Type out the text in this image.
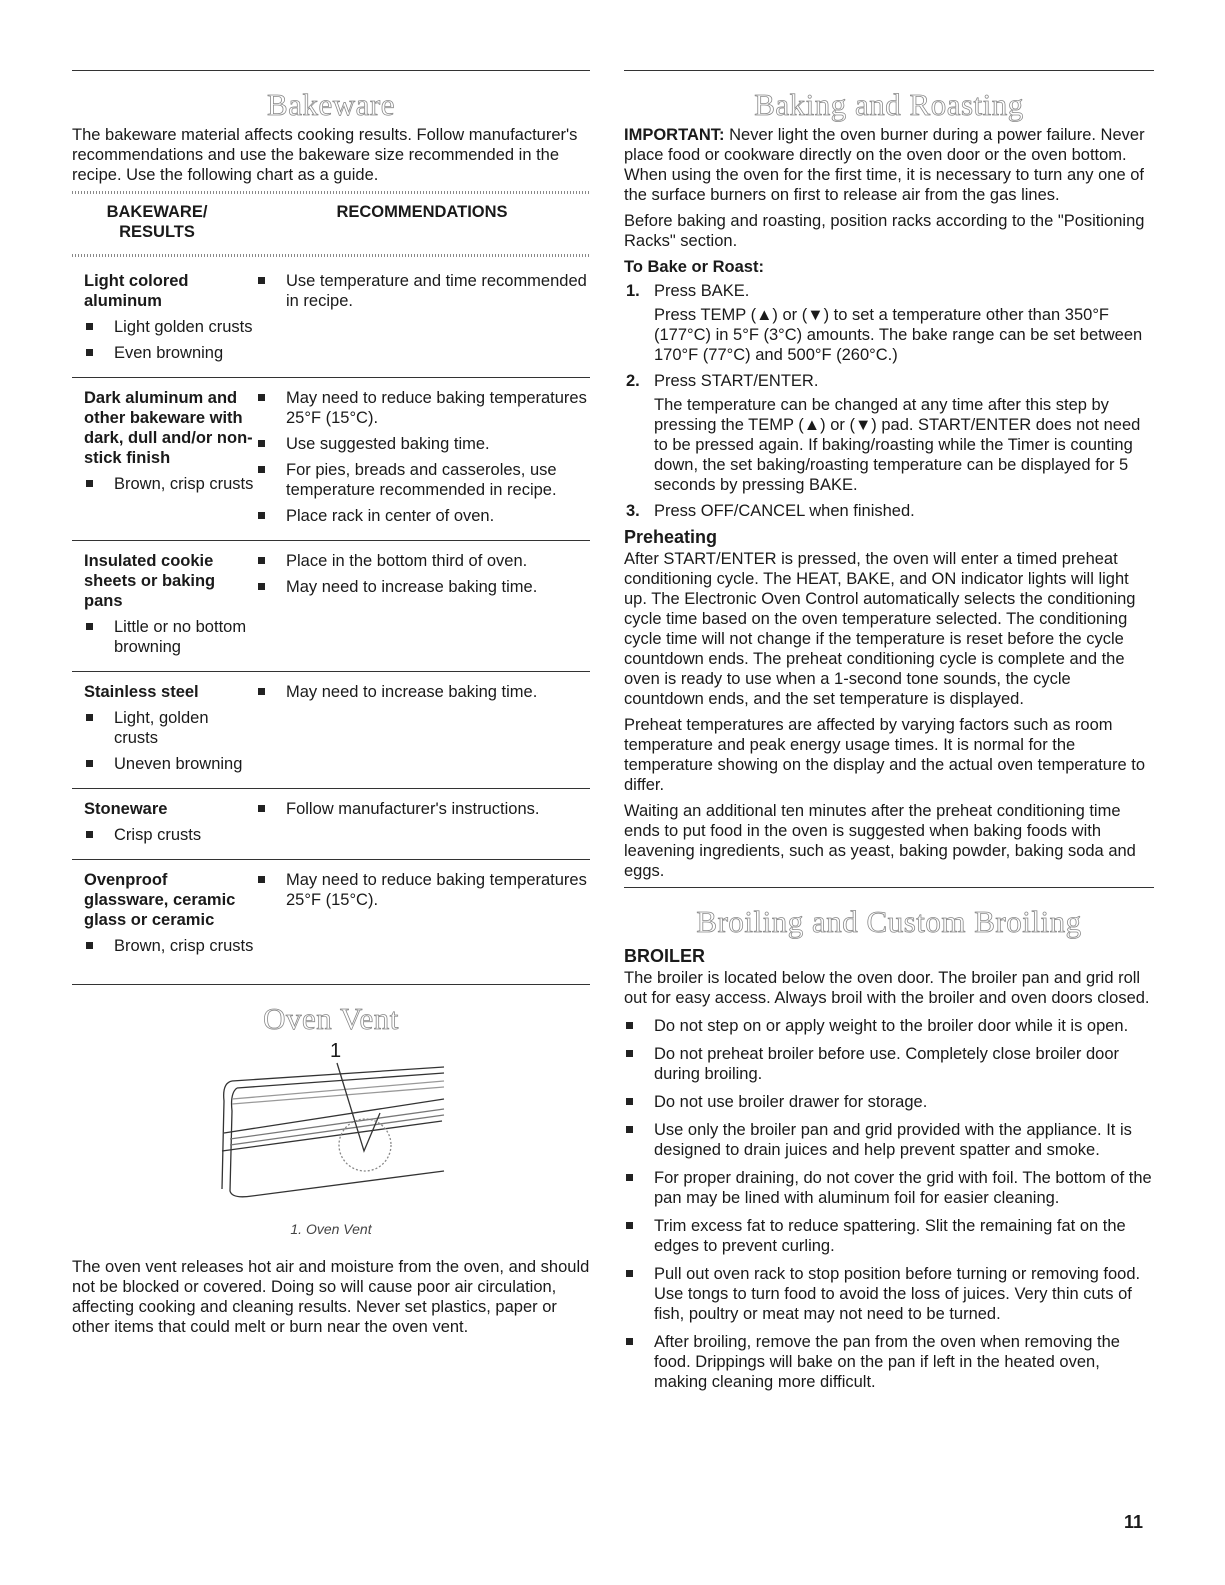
Bakeware

The bakeware material affects cooking results. Follow manufacturer's recommendations and use the bakeware size recommended in the recipe. Use the following chart as a guide.

BAKEWARE/
RESULTS
RECOMMENDATIONS
Light colored aluminum
Light golden crusts
Even browning
Use temperature and time recommended in recipe.
Dark aluminum and other bakeware with dark, dull and/or non-stick finish
Brown, crisp crusts
May need to reduce baking temperatures 25°F (15°C).
Use suggested baking time.
For pies, breads and casseroles, use temperature recommended in recipe.
Place rack in center of oven.
Insulated cookie sheets or baking pans
Little or no bottom browning
Place in the bottom third of oven.
May need to increase baking time.
Stainless steel
Light, golden crusts
Uneven browning
May need to increase baking time.
Stoneware
Crisp crusts
Follow manufacturer's instructions.
Ovenproof glassware, ceramic glass or ceramic
Brown, crisp crusts
May need to reduce baking temperatures 25°F (15°C).
Oven Vent
1
1. Oven Vent

The oven vent releases hot air and moisture from the oven, and should not be blocked or covered. Doing so will cause poor air circulation, affecting cooking and cleaning results. Never set plastics, paper or other items that could melt or burn near the oven vent.

Baking and Roasting

IMPORTANT: Never light the oven burner during a power failure. Never place food or cookware directly on the oven door or the oven bottom. When using the oven for the first time, it is necessary to turn any one of the surface burners on first to release air from the gas lines.

Before baking and roasting, position racks according to the "Positioning Racks" section.

To Bake or Roast:
1. Press BAKE.
Press TEMP (▲) or (▼) to set a temperature other than 350°F (177°C) in 5°F (3°C) amounts. The bake range can be set between 170°F (77°C) and 500°F (260°C.)
2. Press START/ENTER.
The temperature can be changed at any time after this step by pressing the TEMP (▲) or (▼) pad. START/ENTER does not need to be pressed again. If baking/roasting while the Timer is counting down, the set baking/roasting temperature can be displayed for 5 seconds by pressing BAKE.
3. Press OFF/CANCEL when finished.
Preheating

After START/ENTER is pressed, the oven will enter a timed preheat conditioning cycle. The HEAT, BAKE, and ON indicator lights will light up. The Electronic Oven Control automatically selects the conditioning cycle time based on the oven temperature selected. The conditioning cycle time will not change if the temperature is reset before the cycle countdown ends. The preheat conditioning cycle is complete and the oven is ready to use when a 1-second tone sounds, the cycle countdown ends, and the set temperature is displayed.

Preheat temperatures are affected by varying factors such as room temperature and peak energy usage times. It is normal for the temperature showing on the display and the actual oven temperature to differ.

Waiting an additional ten minutes after the preheat conditioning time ends to put food in the oven is suggested when baking foods with leavening ingredients, such as yeast, baking powder, baking soda and eggs.

Broiling and Custom Broiling
BROILER

The broiler is located below the oven door. The broiler pan and grid roll out for easy access. Always broil with the broiler and oven doors closed.

Do not step on or apply weight to the broiler door while it is open.
Do not preheat broiler before use. Completely close broiler door during broiling.
Do not use broiler drawer for storage.
Use only the broiler pan and grid provided with the appliance. It is designed to drain juices and help prevent spatter and smoke.
For proper draining, do not cover the grid with foil. The bottom of the pan may be lined with aluminum foil for easier cleaning.
Trim excess fat to reduce spattering. Slit the remaining fat on the edges to prevent curling.
Pull out oven rack to stop position before turning or removing food. Use tongs to turn food to avoid the loss of juices. Very thin cuts of fish, poultry or meat may not need to be turned.
After broiling, remove the pan from the oven when removing the food. Drippings will bake on the pan if left in the heated oven, making cleaning more difficult.
11
